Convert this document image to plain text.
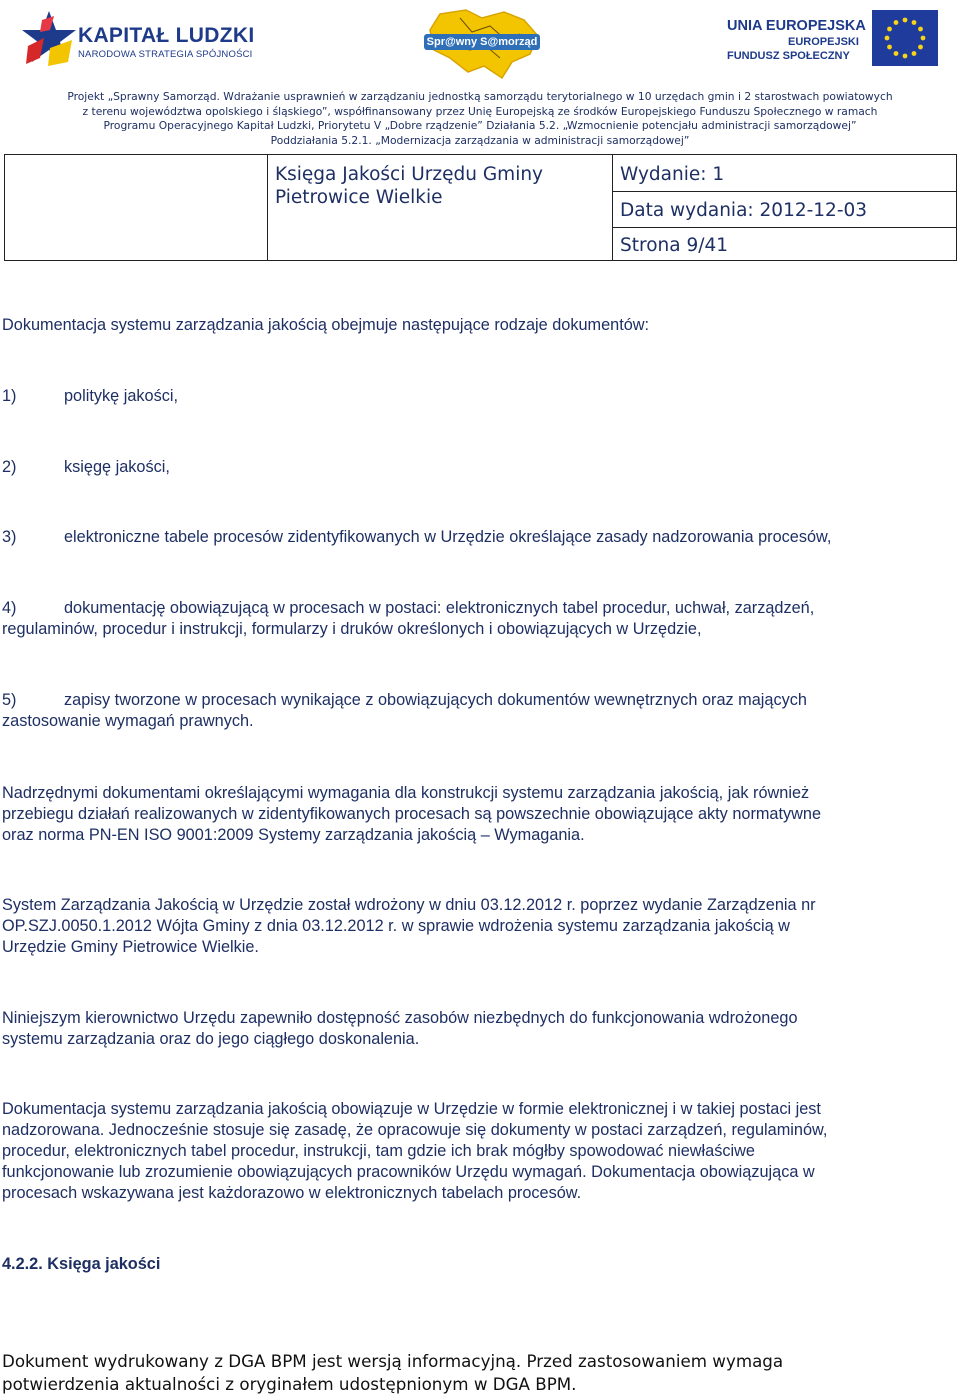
KAPITAŁ LUDZKI
NARODOWA STRATEGIA SPÓJNOŚCI
Spr@wny S@morząd
UNIA EUROPEJSKA
EUROPEJSKI
FUNDUSZ SPOŁECZNY
Projekt „Sprawny Samorząd. Wdrażanie usprawnień w zarządzaniu jednostką samorządu terytorialnego w 10 urzędach gmin i 2 starostwach powiatowych
z terenu województwa opolskiego i śląskiego”, współfinansowany przez Unię Europejską ze środków Europejskiego Funduszu Społecznego w ramach
Programu Operacyjnego Kapitał Ludzki, Priorytetu V „Dobre rządzenie” Działania 5.2. „Wzmocnienie potencjału administracji samorządowej”
Poddziałania 5.2.1. „Modernizacja zarządzania w administracji samorządowej”
Księga Jakości Urzędu Gminy
Pietrowice Wielkie
Wydanie: 1
Data wydania: 2012-12-03
Strona 9/41
Dokumentacja systemu zarządzania jakością obejmuje następujące rodzaje dokumentów:
1)	politykę jakości,
2)	księgę jakości,
3)	elektroniczne tabele procesów zidentyfikowanych w Urzędzie określające zasady nadzorowania procesów,
4)	dokumentację obowiązującą w procesach w postaci: elektronicznych tabel procedur, uchwał, zarządzeń,
regulaminów, procedur i instrukcji, formularzy i druków określonych i obowiązujących w Urzędzie,
5)	zapisy tworzone w procesach wynikające z obowiązujących dokumentów wewnętrznych oraz mających
zastosowanie wymagań prawnych.
Nadrzędnymi dokumentami określającymi wymagania dla konstrukcji systemu zarządzania jakością, jak również
przebiegu działań realizowanych w zidentyfikowanych procesach są powszechnie obowiązujące akty normatywne
oraz norma PN-EN ISO 9001:2009 Systemy zarządzania jakością – Wymagania.
System Zarządzania Jakością w Urzędzie został wdrożony w dniu 03.12.2012 r. poprzez wydanie Zarządzenia nr
OP.SZJ.0050.1.2012 Wójta Gminy z dnia 03.12.2012 r. w sprawie wdrożenia systemu zarządzania jakością w
Urzędzie Gminy Pietrowice Wielkie.
Niniejszym kierownictwo Urzędu zapewniło dostępność zasobów niezbędnych do funkcjonowania wdrożonego
systemu zarządzania oraz do jego ciągłego doskonalenia.
Dokumentacja systemu zarządzania jakością obowiązuje w Urzędzie w formie elektronicznej i w takiej postaci jest
nadzorowana. Jednocześnie stosuje się zasadę, że opracowuje się dokumenty w postaci zarządzeń, regulaminów,
procedur, elektronicznych tabel procedur, instrukcji, tam gdzie ich brak mógłby spowodować niewłaściwe
funkcjonowanie lub zrozumienie obowiązujących pracowników Urzędu wymagań. Dokumentacja obowiązująca w
procesach wskazywana jest każdorazowo w elektronicznych tabelach procesów.
4.2.2. Księga jakości
Dokument wydrukowany z DGA BPM jest wersją informacyjną. Przed zastosowaniem wymaga
potwierdzenia aktualności z oryginałem udostępnionym w DGA BPM.
